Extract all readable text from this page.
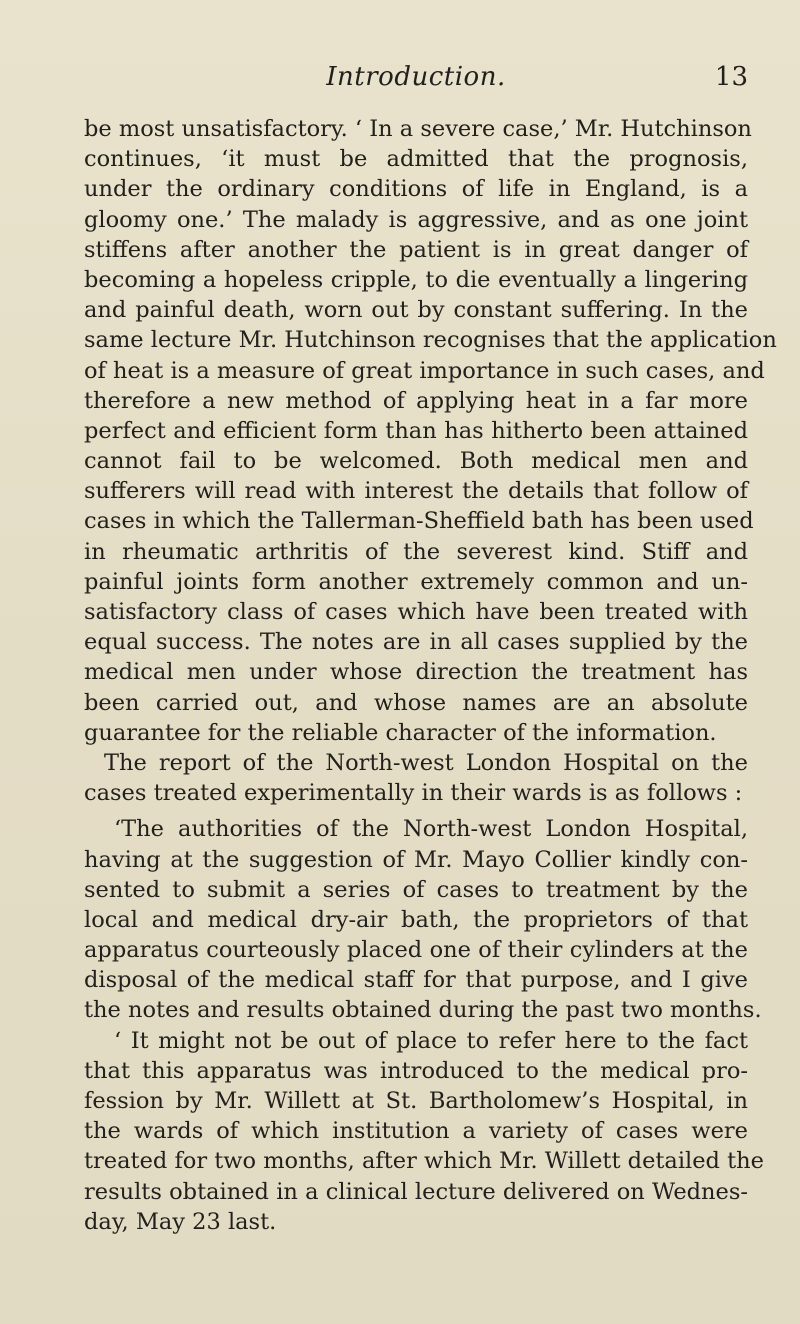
Introduction.	13
be most unsatisfactory. ‘ In a severe case,’ Mr. Hutchinson
continues, ‘it must be admitted that the prognosis,
under the ordinary conditions of life in England, is a
gloomy one.’ The malady is aggressive, and as one joint
stiffens after another the patient is in great danger of
becoming a hopeless cripple, to die eventually a lingering
and painful death, worn out by constant suffering. In the
same lecture Mr. Hutchinson recognises that the application
of heat is a measure of great importance in such cases, and
therefore a new method of applying heat in a far more
perfect and efficient form than has hitherto been attained
cannot fail to be welcomed. Both medical men and
sufferers will read with interest the details that follow of
cases in which the Tallerman-Sheffield bath has been used
in rheumatic arthritis of the severest kind. Stiff and
painful joints form another extremely common and un-
satisfactory class of cases which have been treated with
equal success. The notes are in all cases supplied by the
medical men under whose direction the treatment has
been carried out, and whose names are an absolute
guarantee for the reliable character of the information.
The report of the North-west London Hospital on the
cases treated experimentally in their wards is as follows :
‘The authorities of the North-west London Hospital,
having at the suggestion of Mr. Mayo Collier kindly con-
sented to submit a series of cases to treatment by the
local and medical dry-air bath, the proprietors of that
apparatus courteously placed one of their cylinders at the
disposal of the medical staff for that purpose, and I give
the notes and results obtained during the past two months.
‘ It might not be out of place to refer here to the fact
that this apparatus was introduced to the medical pro-
fession by Mr. Willett at St. Bartholomew’s Hospital, in
the wards of which institution a variety of cases were
treated for two months, after which Mr. Willett detailed the
results obtained in a clinical lecture delivered on Wednes-
day, May 23 last.
